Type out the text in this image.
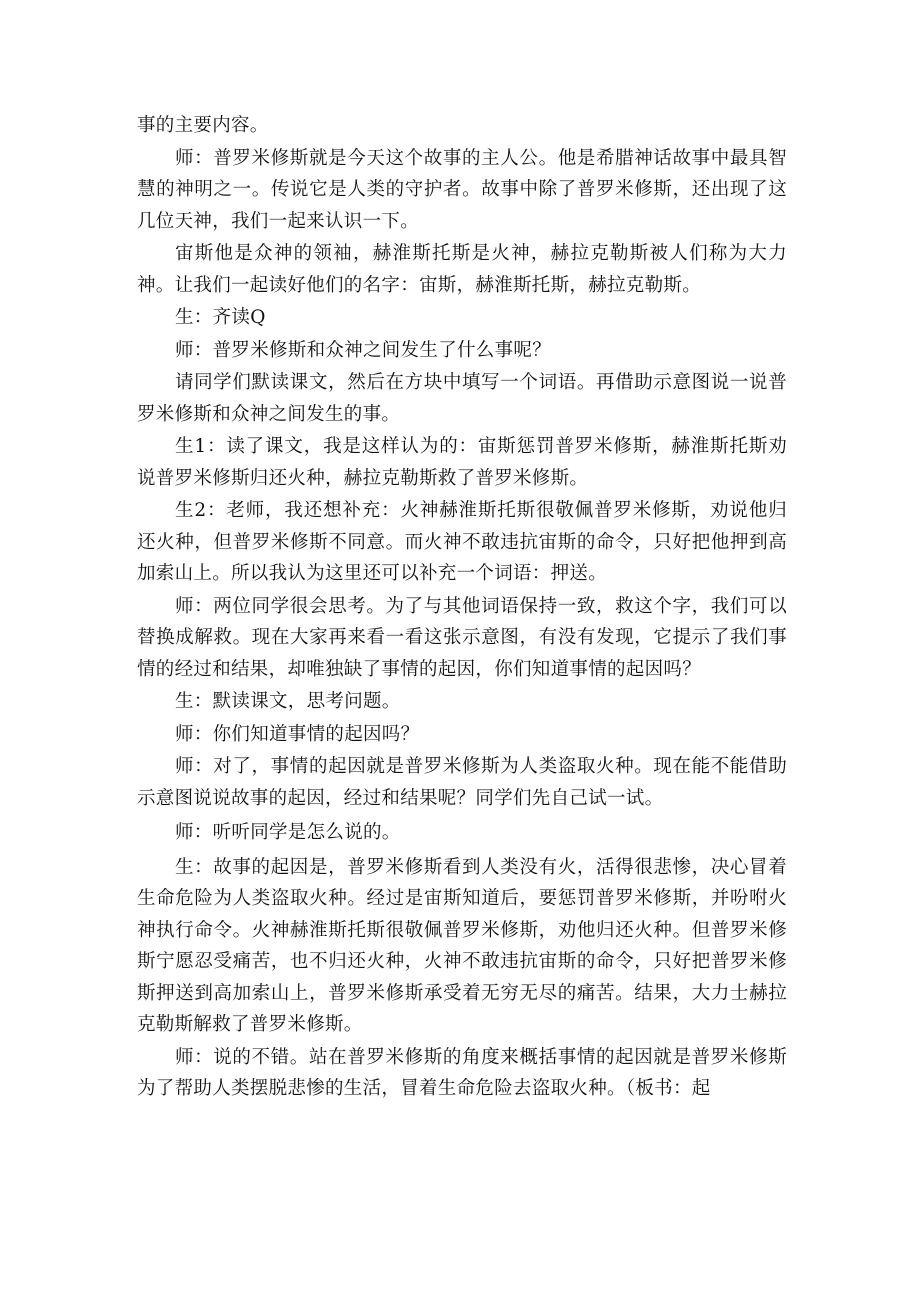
事的主要内容。

师：普罗米修斯就是今天这个故事的主人公。他是希腊神话故事中最具智慧的神明之一。传说它是人类的守护者。故事中除了普罗米修斯，还出现了这几位天神，我们一起来认识一下。

宙斯他是众神的领袖，赫淮斯托斯是火神，赫拉克勒斯被人们称为大力神。让我们一起读好他们的名字：宙斯，赫淮斯托斯，赫拉克勒斯。

生：齐读Q

师：普罗米修斯和众神之间发生了什么事呢？

请同学们默读课文，然后在方块中填写一个词语。再借助示意图说一说普罗米修斯和众神之间发生的事。

生1：读了课文，我是这样认为的：宙斯惩罚普罗米修斯，赫淮斯托斯劝说普罗米修斯归还火种，赫拉克勒斯救了普罗米修斯。

生2：老师，我还想补充：火神赫淮斯托斯很敬佩普罗米修斯，劝说他归还火种，但普罗米修斯不同意。而火神不敢违抗宙斯的命令，只好把他押到高加索山上。所以我认为这里还可以补充一个词语：押送。

师：两位同学很会思考。为了与其他词语保持一致，救这个字，我们可以替换成解救。现在大家再来看一看这张示意图，有没有发现，它提示了我们事情的经过和结果，却唯独缺了事情的起因，你们知道事情的起因吗？

生：默读课文，思考问题。

师：你们知道事情的起因吗？

师：对了，事情的起因就是普罗米修斯为人类盗取火种。现在能不能借助示意图说说故事的起因，经过和结果呢？同学们先自己试一试。

师：听听同学是怎么说的。

生：故事的起因是，普罗米修斯看到人类没有火，活得很悲惨，决心冒着生命危险为人类盗取火种。经过是宙斯知道后，要惩罚普罗米修斯，并吩咐火神执行命令。火神赫淮斯托斯很敬佩普罗米修斯，劝他归还火种。但普罗米修斯宁愿忍受痛苦，也不归还火种，火神不敢违抗宙斯的命令，只好把普罗米修斯押送到高加索山上，普罗米修斯承受着无穷无尽的痛苦。结果，大力士赫拉克勒斯解救了普罗米修斯。

师：说的不错。站在普罗米修斯的角度来概括事情的起因就是普罗米修斯为了帮助人类摆脱悲惨的生活，冒着生命危险去盗取火种。（板书：起
